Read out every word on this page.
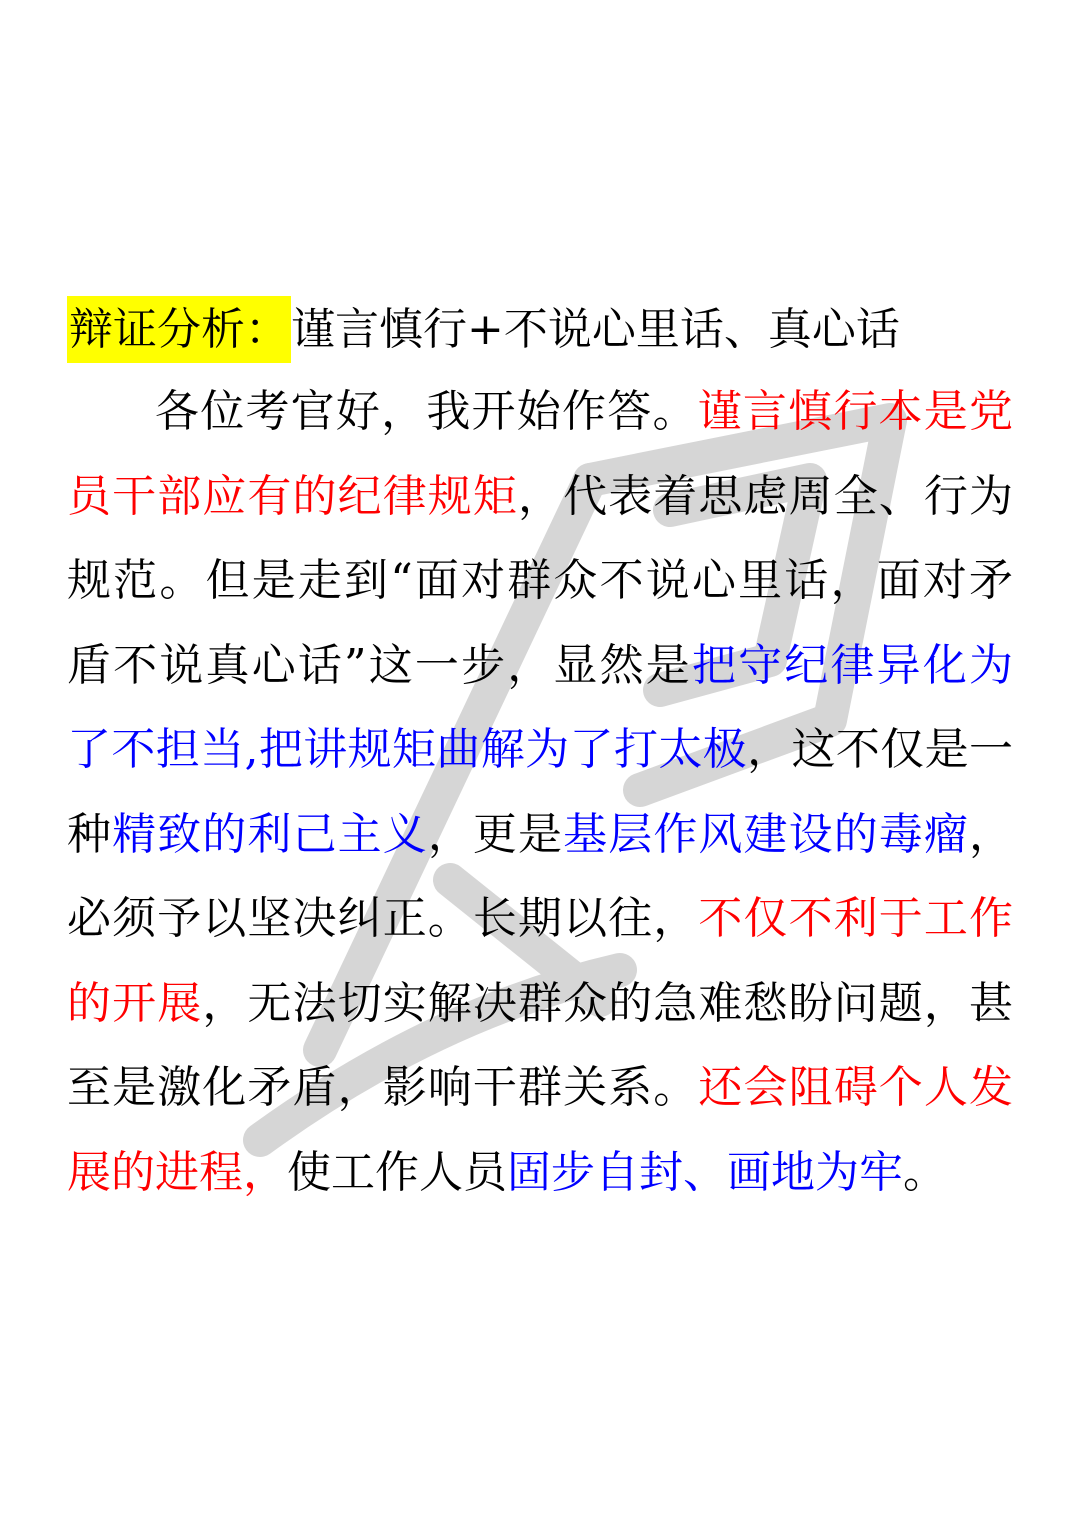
辩证分析：谨言慎行+不说心里话、真心话

各位考官好，我开始作答。谨言慎行本是党员干部应有的纪律规矩，代表着思虑周全、行为规范。但是走到“面对群众不说心里话，面对矛盾不说真心话”这一步，显然是把守纪律异化为了不担当,把讲规矩曲解为了打太极，这不仅是一种精致的利己主义，更是基层作风建设的毒瘤，必须予以坚决纠正。长期以往，不仅不利于工作的开展，无法切实解决群众的急难愁盼问题，甚至是激化矛盾，影响干群关系。还会阻碍个人发展的进程，使工作人员固步自封、画地为牢。
